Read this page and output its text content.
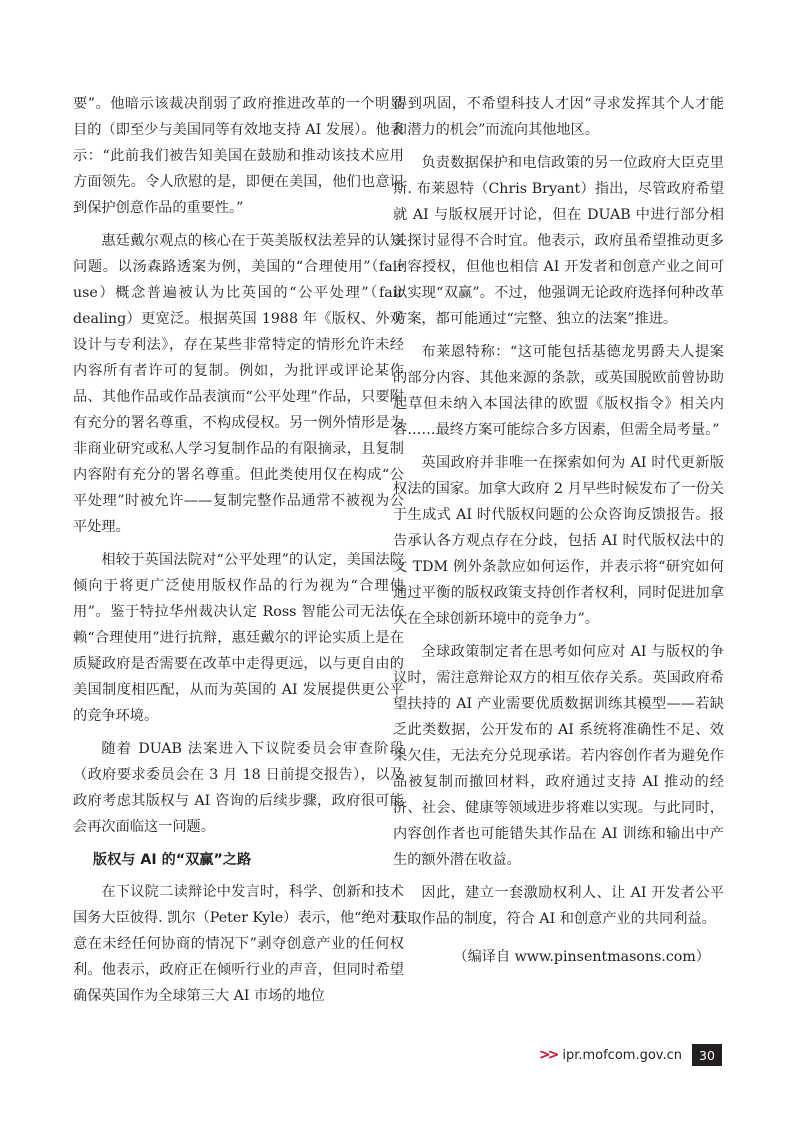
要”。他暗示该裁决削弱了政府推进改革的一个明显目的（即至少与美国同等有效地支持 AI 发展）。他表示：“此前我们被告知美国在鼓励和推动该技术应用方面领先。令人欣慰的是，即便在美国，他们也意识到保护创意作品的重要性。”

惠廷戴尔观点的核心在于英美版权法差异的认知问题。以汤森路透案为例，美国的“合理使用”（fair use）概念普遍被认为比英国的“公平处理”（fair dealing）更宽泛。根据英国 1988 年《版权、外观设计与专利法》，存在某些非常特定的情形允许未经内容所有者许可的复制。例如，为批评或评论某作品、其他作品或作品表演而“公平处理”作品，只要附有充分的署名尊重，不构成侵权。另一例外情形是为非商业研究或私人学习复制作品的有限摘录，且复制内容附有充分的署名尊重。但此类使用仅在构成“公平处理”时被允许——复制完整作品通常不被视为公平处理。

相较于英国法院对“公平处理”的认定，美国法院倾向于将更广泛使用版权作品的行为视为“合理使用”。鉴于特拉华州裁决认定 Ross 智能公司无法依赖“合理使用”进行抗辩，惠廷戴尔的评论实质上是在质疑政府是否需要在改革中走得更远，以与更自由的美国制度相匹配，从而为英国的 AI 发展提供更公平的竞争环境。

随着 DUAB 法案进入下议院委员会审查阶段（政府要求委员会在 3 月 18 日前提交报告），以及政府考虑其版权与 AI 咨询的后续步骤，政府很可能会再次面临这一问题。

版权与 AI 的“双赢”之路

在下议院二读辩论中发言时，科学、创新和技术国务大臣彼得. 凯尔（Peter Kyle）表示，他“绝对无意在未经任何协商的情况下”剥夺创意产业的任何权利。他表示，政府正在倾听行业的声音，但同时希望确保英国作为全球第三大 AI 市场的地位

得到巩固，不希望科技人才因“寻求发挥其个人才能和潜力的机会”而流向其他地区。

负责数据保护和电信政策的另一位政府大臣克里斯. 布莱恩特（Chris Bryant）指出，尽管政府希望就 AI 与版权展开讨论，但在 DUAB 中进行部分相关探讨显得不合时宜。他表示，政府虽希望推动更多内容授权，但他也相信 AI 开发者和创意产业之间可以实现“双赢”。不过，他强调无论政府选择何种改革方案，都可能通过“完整、独立的法案”推进。

布莱恩特称：“这可能包括基德龙男爵夫人提案的部分内容、其他来源的条款，或英国脱欧前曾协助起草但未纳入本国法律的欧盟《版权指令》相关内容……最终方案可能综合多方因素，但需全局考量。”

英国政府并非唯一在探索如何为 AI 时代更新版权法的国家。加拿大政府 2 月早些时候发布了一份关于生成式 AI 时代版权问题的公众咨询反馈报告。报告承认各方观点存在分歧，包括 AI 时代版权法中的文 TDM 例外条款应如何运作，并表示将“研究如何通过平衡的版权政策支持创作者权利，同时促进加拿大在全球创新环境中的竞争力”。

全球政策制定者在思考如何应对 AI 与版权的争议时，需注意辩论双方的相互依存关系。英国政府希望扶持的 AI 产业需要优质数据训练其模型——若缺乏此类数据，公开发布的 AI 系统将准确性不足、效果欠佳，无法充分兑现承诺。若内容创作者为避免作品被复制而撤回材料，政府通过支持 AI 推动的经济、社会、健康等领域进步将难以实现。与此同时，内容创作者也可能错失其作品在 AI 训练和输出中产生的额外潜在收益。

因此，建立一套激励权利人、让 AI 开发者公平获取作品的制度，符合 AI 和创意产业的共同利益。

（编译自 www.pinsentmasons.com）

>> ipr.mofcom.gov.cn	30
